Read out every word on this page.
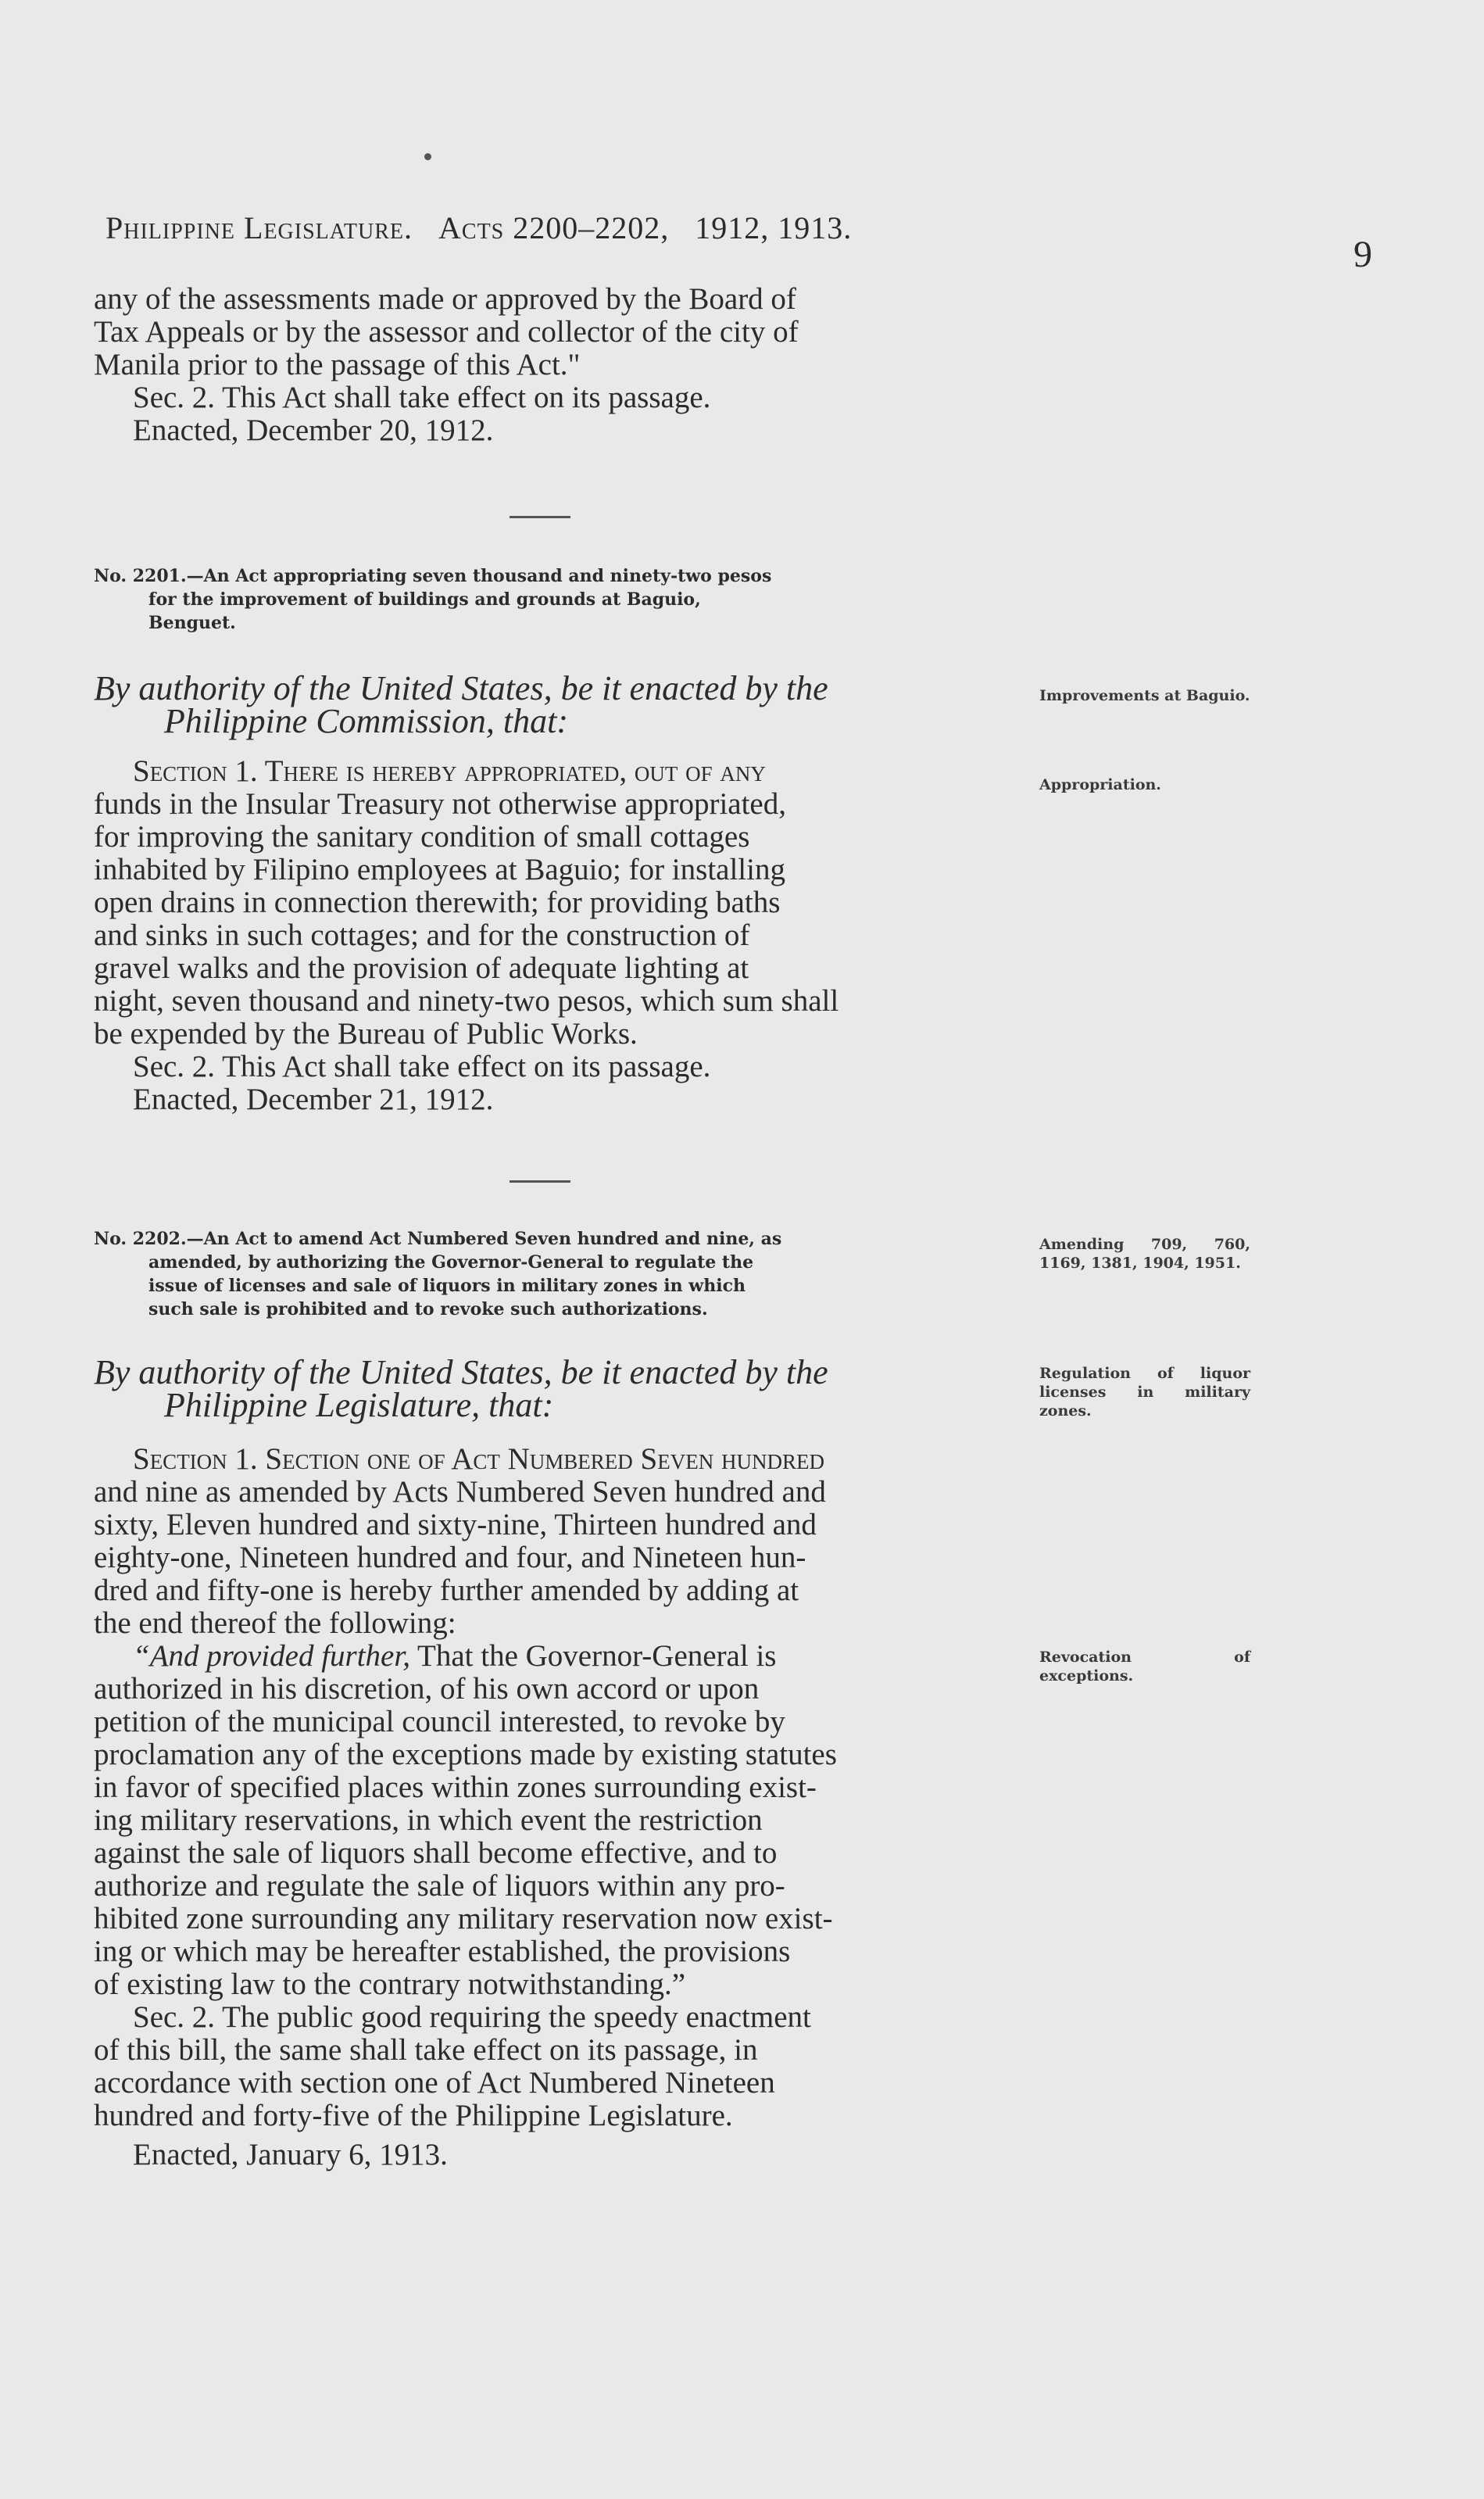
Philippine Legislature. Acts 2200–2202, 1912, 1913.
9

any of the assessments made or approved by the Board of

Tax Appeals or by the assessor and collector of the city of

Manila prior to the passage of this Act."

Sec. 2. This Act shall take effect on its passage.

Enacted, December 20, 1912.

No. 2201.—An Act appropriating seven thousand and ninety-two pesos
for the improvement of buildings and grounds at Baguio,
Benguet.
By authority of the United States, be it enacted by the
Philippine Commission, that:
Improvements at Baguio.

Section 1. There is hereby appropriated, out of any

funds in the Insular Treasury not otherwise appropriated,

for improving the sanitary condition of small cottages

inhabited by Filipino employees at Baguio; for installing

open drains in connection therewith; for providing baths

and sinks in such cottages; and for the construction of

gravel walks and the provision of adequate lighting at

night, seven thousand and ninety-two pesos, which sum shall

be expended by the Bureau of Public Works.

Sec. 2. This Act shall take effect on its passage.

Enacted, December 21, 1912.

Appropriation.
No. 2202.—An Act to amend Act Numbered Seven hundred and nine, as
amended, by authorizing the Governor-General to regulate the
issue of licenses and sale of liquors in military zones in which
such sale is prohibited and to revoke such authorizations.
Amending 709, 760, 1169, 1381, 1904, 1951.
By authority of the United States, be it enacted by the
Philippine Legislature, that:
Regulation of liquor licenses in military zones.

Section 1. Section one of Act Numbered Seven hundred

and nine as amended by Acts Numbered Seven hundred and

sixty, Eleven hundred and sixty-nine, Thirteen hundred and

eighty-one, Nineteen hundred and four, and Nineteen hun-

dred and fifty-one is hereby further amended by adding at

the end thereof the following:

“And provided further, That the Governor-General is

authorized in his discretion, of his own accord or upon

petition of the municipal council interested, to revoke by

proclamation any of the exceptions made by existing statutes

in favor of specified places within zones surrounding exist-

ing military reservations, in which event the restriction

against the sale of liquors shall become effective, and to

authorize and regulate the sale of liquors within any pro-

hibited zone surrounding any military reservation now exist-

ing or which may be hereafter established, the provisions

of existing law to the contrary notwithstanding.”

Sec. 2. The public good requiring the speedy enactment

of this bill, the same shall take effect on its passage, in

accordance with section one of Act Numbered Nineteen

hundred and forty-five of the Philippine Legislature.

Enacted, January 6, 1913.

Revocation of exceptions.
